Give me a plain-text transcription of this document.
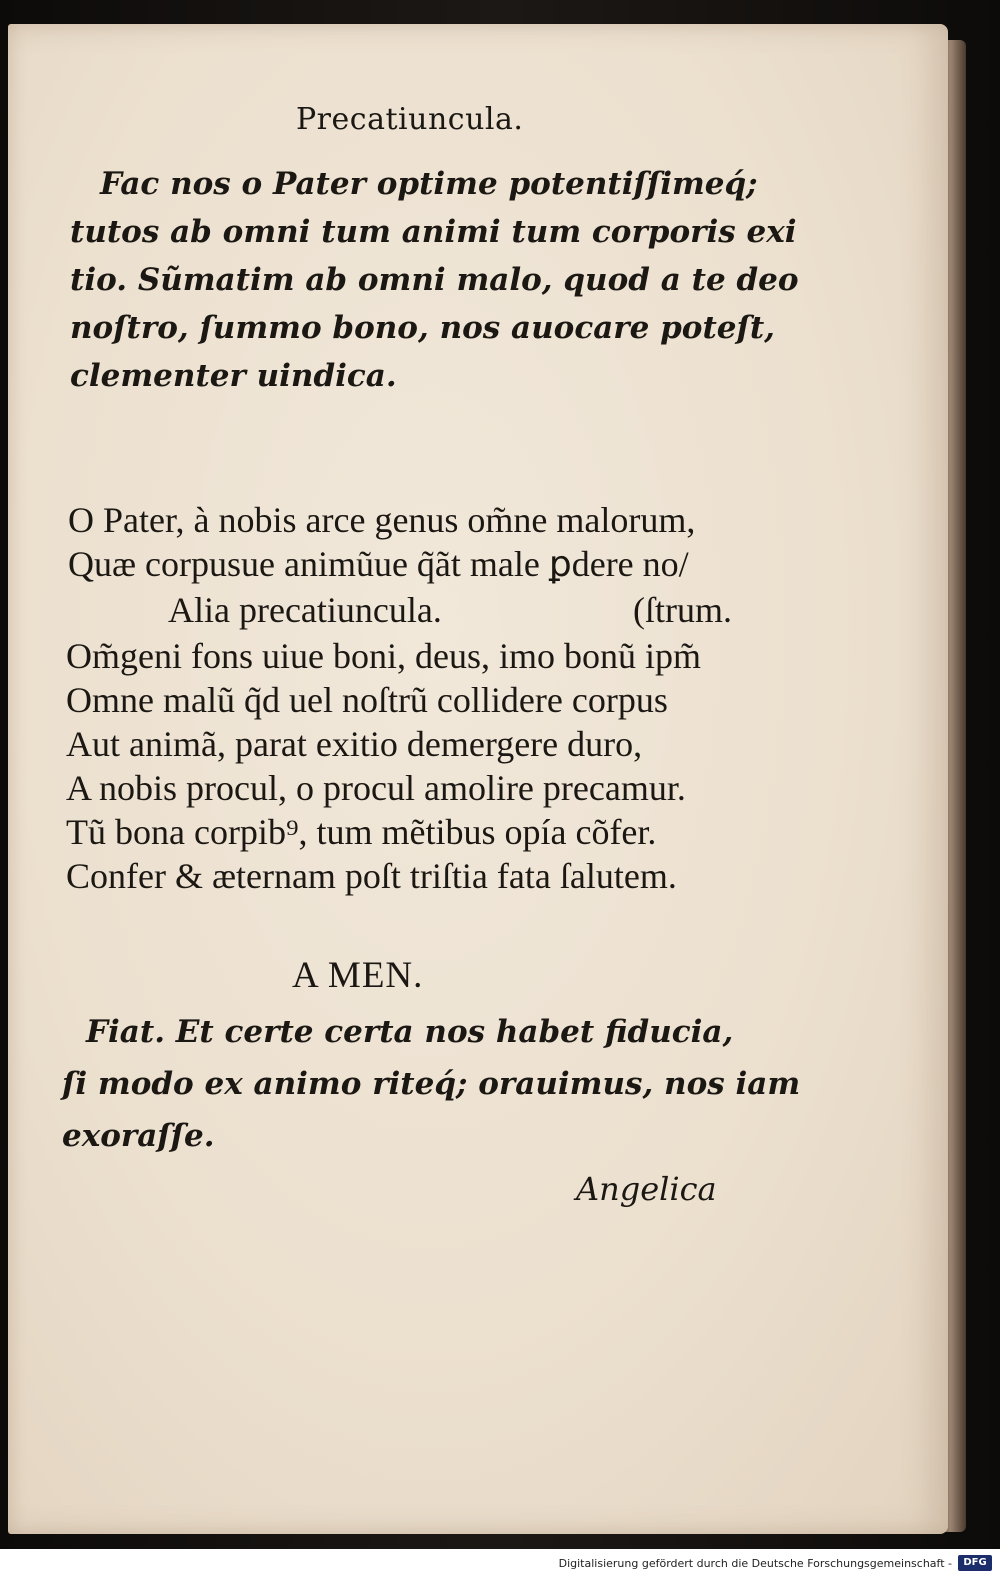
Precatiuncula.
Fac nos o Pater optime potentiſſimeq́;
tutos ab omni tum animi tum corporis exi
tio. Sũmatim ab omni malo, quod a te deo
noſtro, ſummo bono, nos auocare poteſt,
clementer uindica.
O Pater, à nobis arce genus om̃ne malorum,
Quæ corpusue animũue q̃ãt male ꝑdere no/
Alia precatiuncula.	(ſtrum.
Om̃geni fons uiue boni, deus, imo bonũ ipm̃
Omne malũ q̃d uel noſtrũ collidere corpus
Aut animã, parat exitio demergere duro,
A nobis procul, o procul amolire precamur.
Tũ bona corpib⁹, tum mẽtibus opía cõfer.
Confer & æternam poſt triſtia fata ſalutem.
A MEN.
Fiat. Et certe certa nos habet fiducia,
ſi modo ex animo riteq́; orauimus, nos iam
exoraſſe.
Angelica
Digitalisierung gefördert durch die Deutsche Forschungsgemeinschaft -	DFG
